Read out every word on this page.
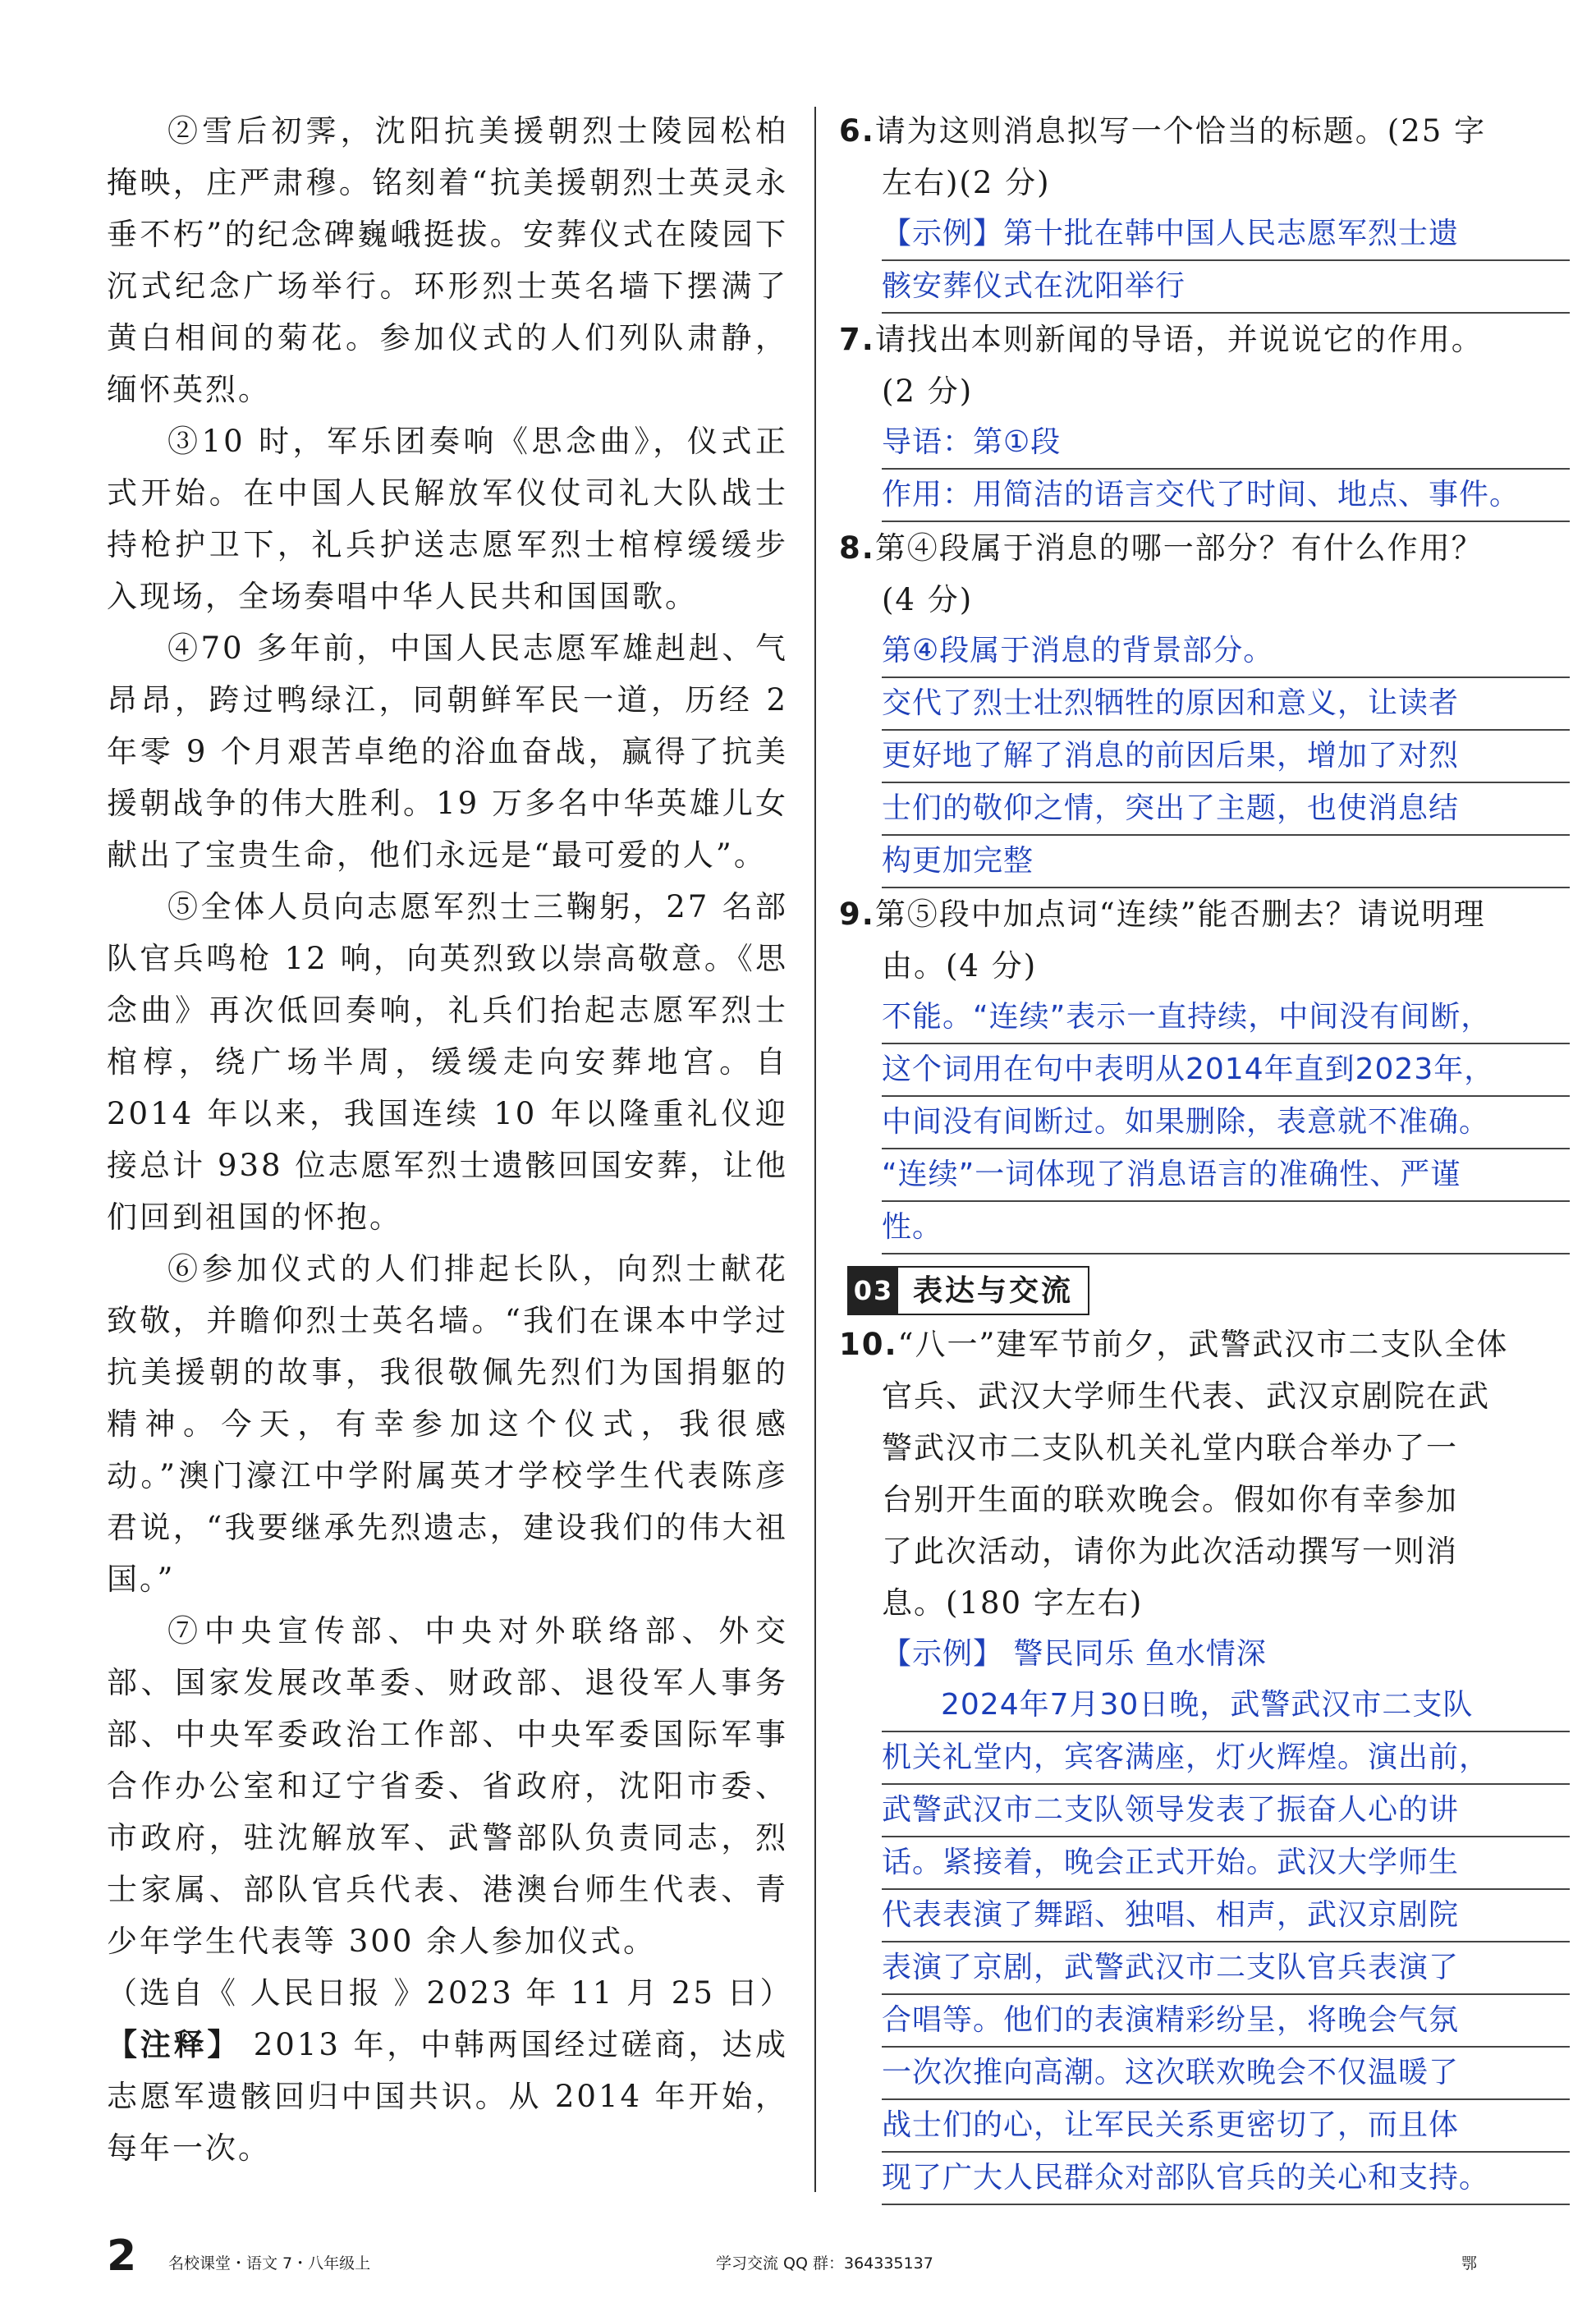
②雪后初霁，沈阳抗美援朝烈士陵园松柏掩映，庄严肃穆。铭刻着“抗美援朝烈士英灵永垂不朽”的纪念碑巍峨挺拔。安葬仪式在陵园下沉式纪念广场举行。环形烈士英名墙下摆满了黄白相间的菊花。参加仪式的人们列队肃静，缅怀英烈。

③10 时，军乐团奏响《思念曲》，仪式正式开始。在中国人民解放军仪仗司礼大队战士持枪护卫下，礼兵护送志愿军烈士棺椁缓缓步入现场，全场奏唱中华人民共和国国歌。

④70 多年前，中国人民志愿军雄赳赳、气昂昂，跨过鸭绿江，同朝鲜军民一道，历经 2 年零 9 个月艰苦卓绝的浴血奋战，赢得了抗美援朝战争的伟大胜利。19 万多名中华英雄儿女献出了宝贵生命，他们永远是“最可爱的人”。

⑤全体人员向志愿军烈士三鞠躬，27 名部队官兵鸣枪 12 响，向英烈致以崇高敬意。《思念曲》再次低回奏响，礼兵们抬起志愿军烈士棺椁，绕广场半周，缓缓走向安葬地宫。自 2014 年以来，我国连续 10 年以隆重礼仪迎接总计 938 位志愿军烈士遗骸回国安葬，让他们回到祖国的怀抱。

⑥参加仪式的人们排起长队，向烈士献花致敬，并瞻仰烈士英名墙。“我们在课本中学过抗美援朝的故事，我很敬佩先烈们为国捐躯的精神。今天，有幸参加这个仪式，我很感动。”澳门濠江中学附属英才学校学生代表陈彦君说，“我要继承先烈遗志，建设我们的伟大祖国。”

⑦中央宣传部、中央对外联络部、外交部、国家发展改革委、财政部、退役军人事务部、中央军委政治工作部、中央军委国际军事合作办公室和辽宁省委、省政府，沈阳市委、市政府，驻沈解放军、武警部队负责同志，烈士家属、部队官兵代表、港澳台师生代表、青少年学生代表等 300 余人参加仪式。

（选自《 人民日报 》2023 年 11 月 25 日）

【注释】 2013 年，中韩两国经过磋商，达成志愿军遗骸回归中国共识。从 2014 年开始，每年一次。

6.请为这则消息拟写一个恰当的标题。(25 字

左右)(2 分)

【示例】第十批在韩中国人民志愿军烈士遗
骸安葬仪式在沈阳举行

7.请找出本则新闻的导语，并说说它的作用。

(2 分)

导语：第①段
作用：用简洁的语言交代了时间、地点、事件。

8.第④段属于消息的哪一部分？有什么作用？

(4 分)

第④段属于消息的背景部分。
交代了烈士壮烈牺牲的原因和意义，让读者
更好地了解了消息的前因后果，增加了对烈
士们的敬仰之情，突出了主题，也使消息结
构更加完整

9.第⑤段中加点词“连续”能否删去？请说明理

由。(4 分)

不能。“连续”表示一直持续，中间没有间断，
这个词用在句中表明从2014年直到2023年，
中间没有间断过。如果删除，表意就不准确。
“连续”一词体现了消息语言的准确性、严谨
性。
03 表达与交流

10.“八一”建军节前夕，武警武汉市二支队全体

官兵、武汉大学师生代表、武汉京剧院在武

警武汉市二支队机关礼堂内联合举办了一

台别开生面的联欢晚会。假如你有幸参加

了此次活动，请你为此次活动撰写一则消

息。(180 字左右)

【示例】 警民同乐 鱼水情深
2024年7月30日晚，武警武汉市二支队
机关礼堂内，宾客满座，灯火辉煌。演出前，
武警武汉市二支队领导发表了振奋人心的讲
话。紧接着，晚会正式开始。武汉大学师生
代表表演了舞蹈、独唱、相声，武汉京剧院
表演了京剧，武警武汉市二支队官兵表演了
合唱等。他们的表演精彩纷呈，将晚会气氛
一次次推向高潮。这次联欢晚会不仅温暖了
战士们的心，让军民关系更密切了，而且体
现了广大人民群众对部队官兵的关心和支持。
2 名校课堂・语文 7・八年级上	学习交流 QQ 群：364335137	鄂
